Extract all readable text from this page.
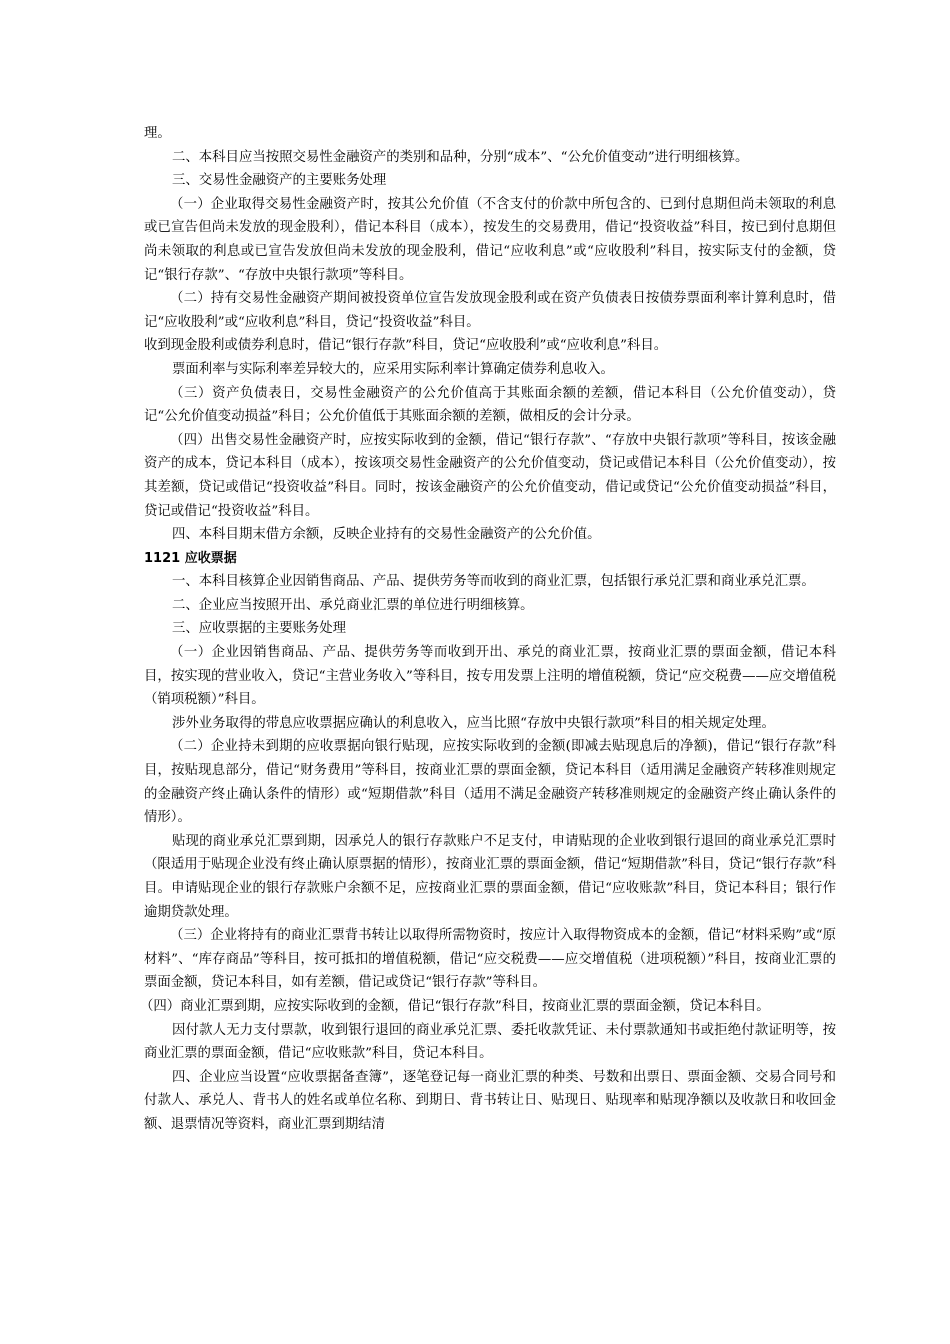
理。

二、本科目应当按照交易性金融资产的类别和品种，分别“成本”、“公允价值变动”进行明细核算。

三、交易性金融资产的主要账务处理

（一）企业取得交易性金融资产时，按其公允价值（不含支付的价款中所包含的、已到付息期但尚未领取的利息或已宣告但尚未发放的现金股利），借记本科目（成本），按发生的交易费用，借记“投资收益”科目，按已到付息期但尚未领取的利息或已宣告发放但尚未发放的现金股利，借记“应收利息”或“应收股利”科目，按实际支付的金额，贷记“银行存款”、“存放中央银行款项”等科目。

（二）持有交易性金融资产期间被投资单位宣告发放现金股利或在资产负债表日按债券票面利率计算利息时，借记“应收股利”或“应收利息”科目，贷记“投资收益”科目。

收到现金股利或债券利息时，借记“银行存款”科目，贷记“应收股利”或“应收利息”科目。

票面利率与实际利率差异较大的，应采用实际利率计算确定债券利息收入。

（三）资产负债表日，交易性金融资产的公允价值高于其账面余额的差额，借记本科目（公允价值变动），贷记“公允价值变动损益”科目；公允价值低于其账面余额的差额，做相反的会计分录。

（四）出售交易性金融资产时，应按实际收到的金额，借记“银行存款”、“存放中央银行款项”等科目，按该金融资产的成本，贷记本科目（成本），按该项交易性金融资产的公允价值变动，贷记或借记本科目（公允价值变动），按其差额，贷记或借记“投资收益”科目。同时，按该金融资产的公允价值变动，借记或贷记“公允价值变动损益”科目，贷记或借记“投资收益”科目。

四、本科目期末借方余额，反映企业持有的交易性金融资产的公允价值。

1121 应收票据

一、本科目核算企业因销售商品、产品、提供劳务等而收到的商业汇票，包括银行承兑汇票和商业承兑汇票。

二、企业应当按照开出、承兑商业汇票的单位进行明细核算。

三、应收票据的主要账务处理

（一）企业因销售商品、产品、提供劳务等而收到开出、承兑的商业汇票，按商业汇票的票面金额，借记本科目，按实现的营业收入，贷记“主营业务收入”等科目，按专用发票上注明的增值税额，贷记“应交税费——应交增值税（销项税额）”科目。

涉外业务取得的带息应收票据应确认的利息收入，应当比照“存放中央银行款项”科目的相关规定处理。

（二）企业持未到期的应收票据向银行贴现，应按实际收到的金额(即减去贴现息后的净额)，借记“银行存款”科目，按贴现息部分，借记“财务费用”等科目，按商业汇票的票面金额，贷记本科目（适用满足金融资产转移准则规定的金融资产终止确认条件的情形）或“短期借款”科目（适用不满足金融资产转移准则规定的金融资产终止确认条件的情形）。

贴现的商业承兑汇票到期，因承兑人的银行存款账户不足支付，申请贴现的企业收到银行退回的商业承兑汇票时（限适用于贴现企业没有终止确认原票据的情形），按商业汇票的票面金额，借记“短期借款”科目，贷记“银行存款”科目。申请贴现企业的银行存款账户余额不足，应按商业汇票的票面金额，借记“应收账款”科目，贷记本科目；银行作逾期贷款处理。

（三）企业将持有的商业汇票背书转让以取得所需物资时，按应计入取得物资成本的金额，借记“材料采购”或“原材料”、“库存商品”等科目，按可抵扣的增值税额，借记“应交税费——应交增值税（进项税额）”科目，按商业汇票的票面金额，贷记本科目，如有差额，借记或贷记“银行存款”等科目。

（四）商业汇票到期，应按实际收到的金额，借记“银行存款”科目，按商业汇票的票面金额，贷记本科目。

因付款人无力支付票款，收到银行退回的商业承兑汇票、委托收款凭证、未付票款通知书或拒绝付款证明等，按商业汇票的票面金额，借记“应收账款”科目，贷记本科目。

四、企业应当设置“应收票据备查簿”，逐笔登记每一商业汇票的种类、号数和出票日、票面金额、交易合同号和付款人、承兑人、背书人的姓名或单位名称、到期日、背书转让日、贴现日、贴现率和贴现净额以及收款日和收回金额、退票情况等资料，商业汇票到期结清
